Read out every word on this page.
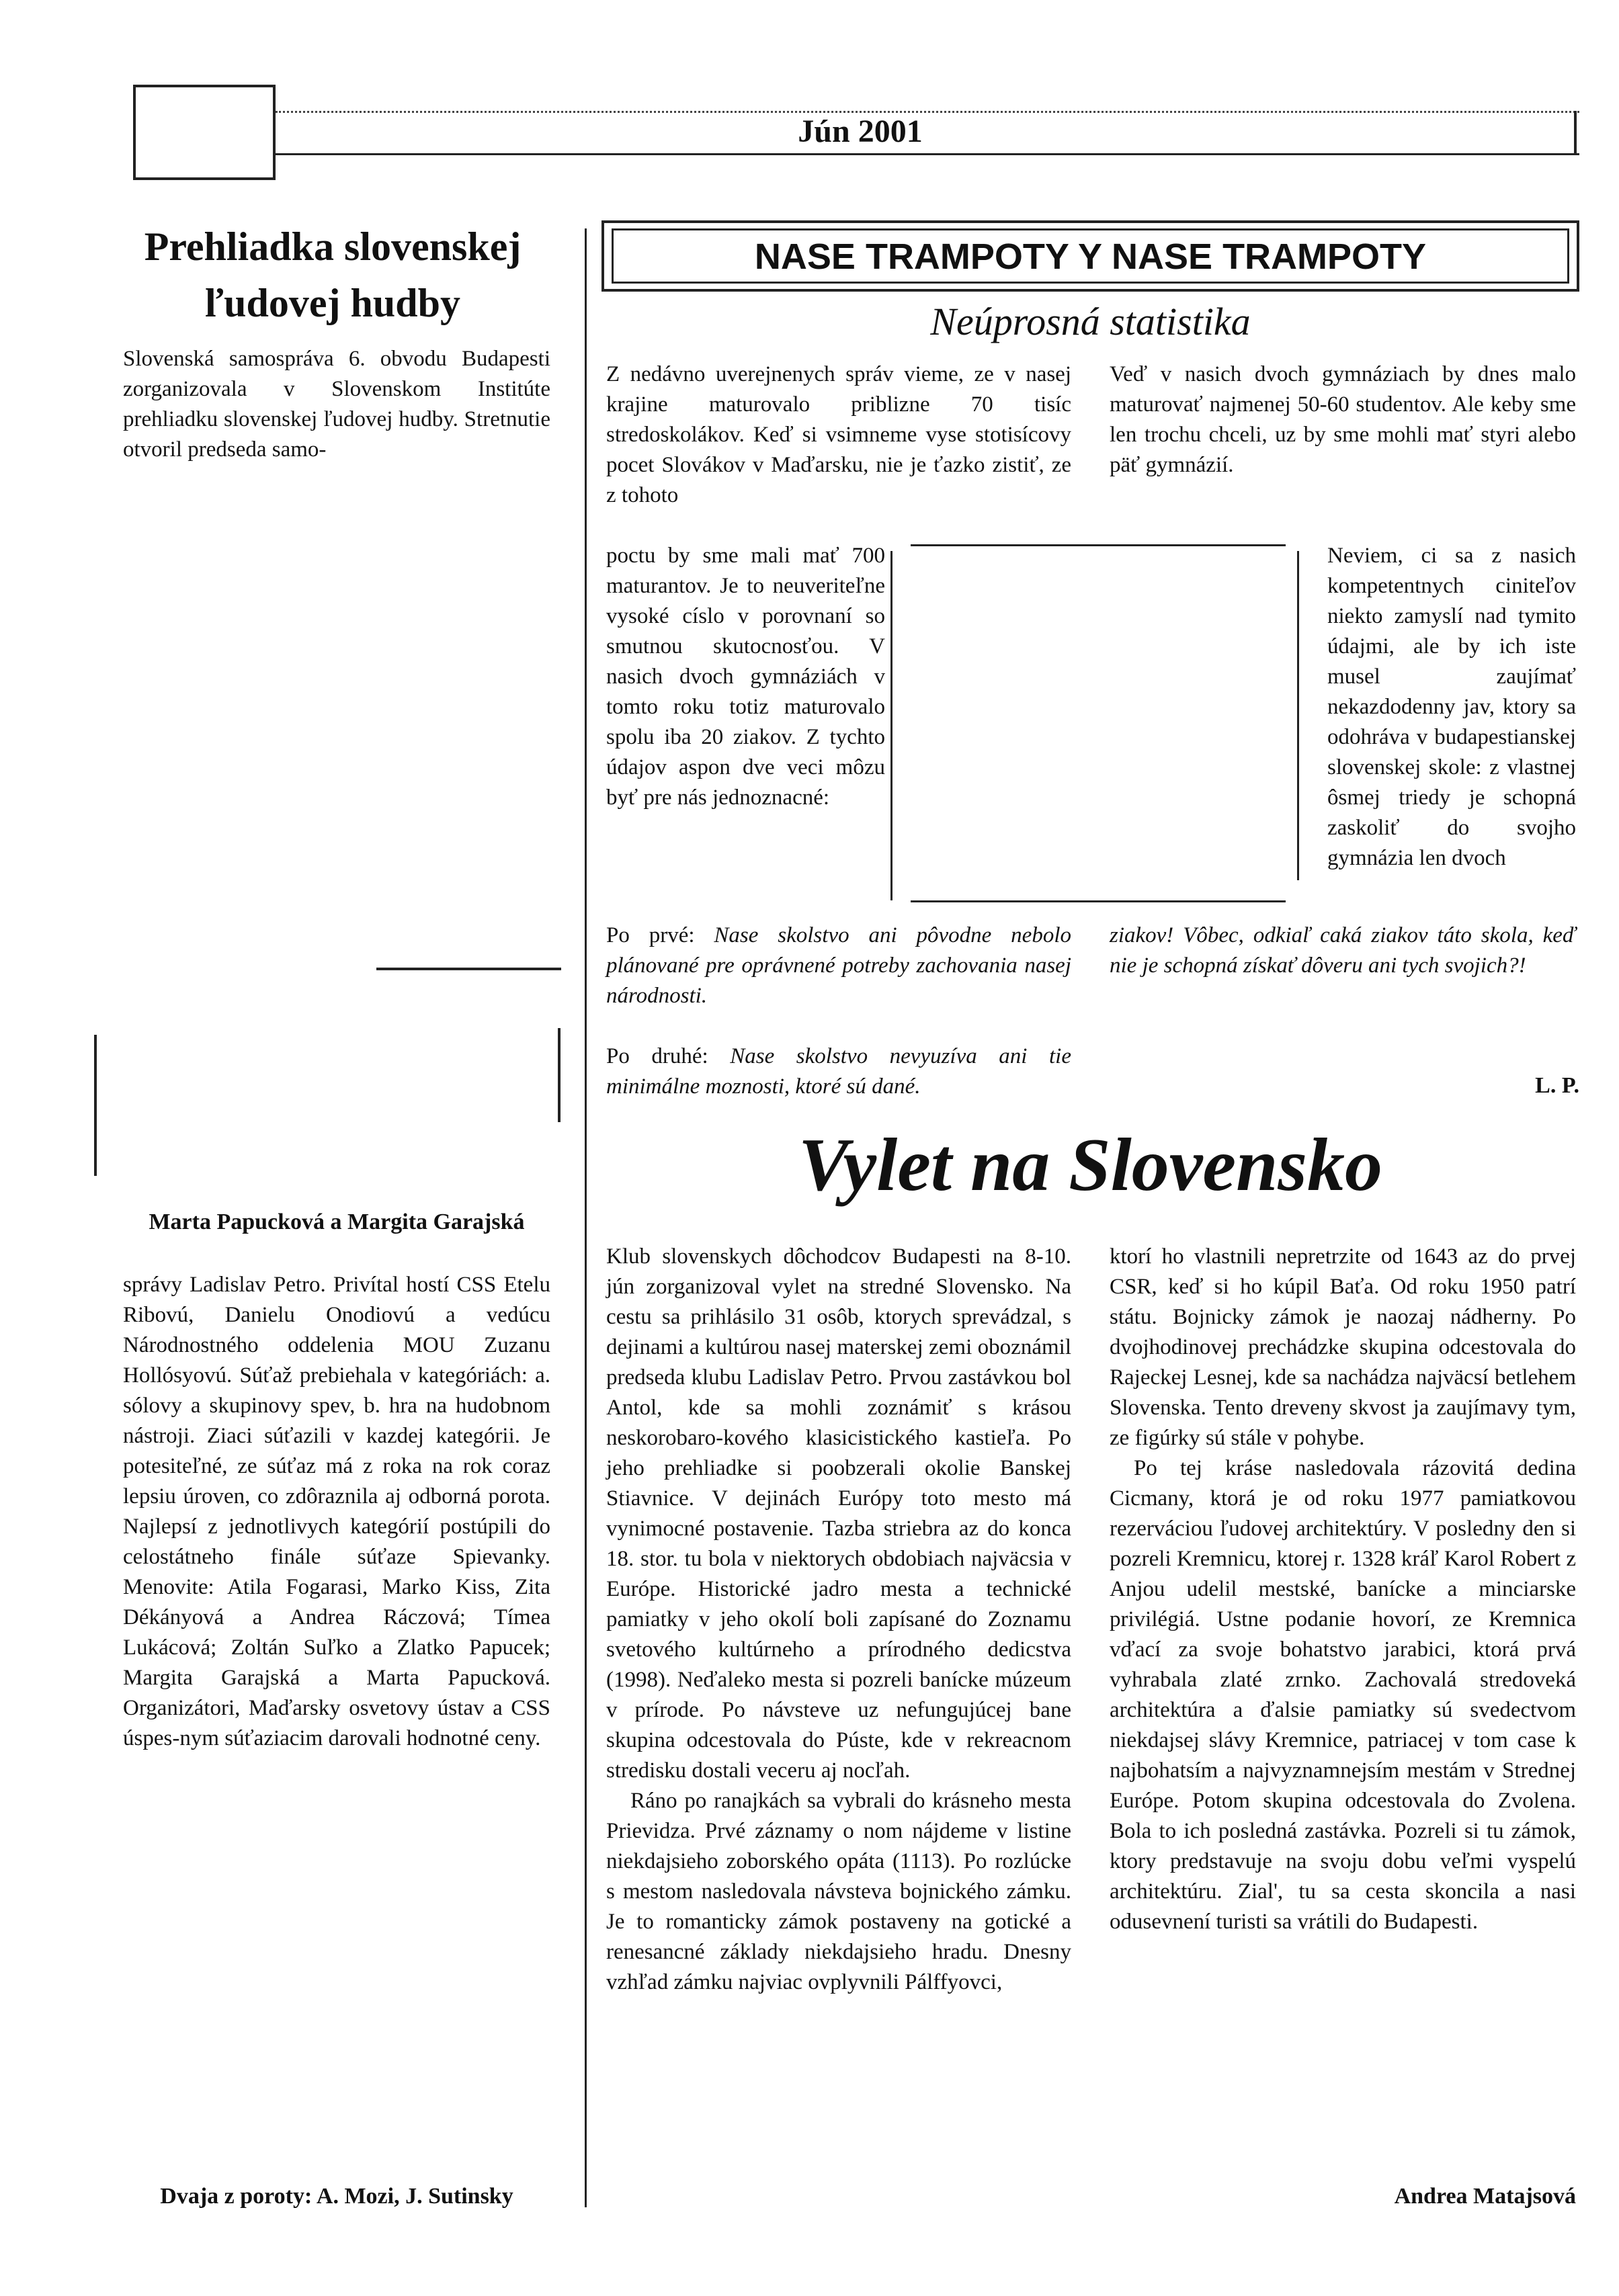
Jún 2001
Prehliadka slovenskej ľudovej hudby
Slovenská samospráva 6. obvodu Budapesti zorganizovala v Slovenskom Institúte prehliadku slovenskej ľudovej hudby. Stretnutie otvoril predseda samo-
Marta Papucková a Margita Garajská
správy Ladislav Petro. Privítal hostí CSS Etelu Ribovú, Danielu Onodiovú a vedúcu Národnostného oddelenia MOU Zuzanu Hollósyovú. Súťaž prebiehala v kategóriách: a. sólovy a skupinovy spev, b. hra na hudobnom nástroji. Ziaci súťazili v kazdej kategórii. Je potesiteľné, ze súťaz má z roka na rok coraz lepsiu úroven, co zdôraznila aj odborná porota. Najlepsí z jednotlivych kategórií postúpili do celostátneho finále súťaze Spievanky. Menovite: Atila Fogarasi, Marko Kiss, Zita Dékányová a Andrea Ráczová; Tímea Lukácová; Zoltán Suľko a Zlatko Papucek; Margita Garajská a Marta Papucková. Organizátori, Maďarsky osvetovy ústav a CSS úspes-nym súťaziacim darovali hodnotné ceny.
Dvaja z poroty: A. Mozi, J. Sutinsky
NASE TRAMPOTY Y NASE TRAMPOTY
Neúprosná statistika
Z nedávno uverejnenych správ vieme, ze v nasej krajine maturovalo priblizne 70 tisíc stredoskolákov. Keď si vsimneme vyse stotisícovy pocet Slovákov v Maďarsku, nie je ťazko zistiť, ze z tohoto
Veď v nasich dvoch gymnáziach by dnes malo maturovať najmenej 50-60 studentov. Ale keby sme len trochu chceli, uz by sme mohli mať styri alebo päť gymnázií.
poctu by sme mali mať 700 maturantov. Je to neuveriteľne vysoké císlo v porovnaní so smutnou skutocnosťou. V nasich dvoch gymnáziách v tomto roku totiz maturovalo spolu iba 20 ziakov. Z tychto údajov aspon dve veci môzu byť pre nás jednoznacné:
Neviem, ci sa z nasich kompetentnych ciniteľov niekto zamyslí nad tymito údajmi, ale by ich iste musel zaujímať nekazdodenny jav, ktory sa odohráva v budapestianskej slovenskej skole: z vlastnej ôsmej triedy je schopná zaskoliť do svojho gymnázia len dvoch
Po prvé: Nase skolstvo ani pôvodne nebolo plánované pre oprávnené potreby zachovania nasej národnosti.
ziakov! Vôbec, odkiaľ caká ziakov táto skola, keď nie je schopná získať dôveru ani tych svojich?!
Po druhé: Nase skolstvo nevyuzíva ani tie minimálne moznosti, ktoré sú dané.	L. P.
Vylet na Slovensko
Klub slovenskych dôchodcov Budapesti na 8-10. jún zorganizoval vylet na stredné Slovensko. Na cestu sa prihlásilo 31 osôb, ktorych sprevádzal, s dejinami a kultúrou nasej materskej zemi oboznámil predseda klubu Ladislav Petro. Prvou zastávkou bol Antol, kde sa mohli zoznámiť s krásou neskorobaro-kového klasicistického kastieľa. Po jeho prehliadke si poobzerali okolie Banskej Stiavnice. V dejinách Európy toto mesto má vynimocné postavenie. Tazba striebra az do konca 18. stor. tu bola v niektorych obdobiach najväcsia v Európe. Historické jadro mesta a technické pamiatky v jeho okolí boli zapísané do Zoznamu svetového kultúrneho a prírodného dedicstva (1998). Neďaleko mesta si pozreli banícke múzeum v prírode. Po návsteve uz nefungujúcej bane skupina odcestovala do Púste, kde v rekreacnom stredisku dostali veceru aj nocľah.
Ráno po ranajkách sa vybrali do krásneho mesta Prievidza. Prvé záznamy o nom nájdeme v listine niekdajsieho zoborského opáta (1113). Po rozlúcke s mestom nasledovala návsteva bojnického zámku. Je to romanticky zámok postaveny na gotické a renesancné základy niekdajsieho hradu. Dnesny vzhľad zámku najviac ovplyvnili Pálffyovci,
ktorí ho vlastnili nepretrzite od 1643 az do prvej CSR, keď si ho kúpil Baťa. Od roku 1950 patrí státu. Bojnicky zámok je naozaj nádherny. Po dvojhodinovej prechádzke skupina odcestovala do Rajeckej Lesnej, kde sa nachádza najväcsí betlehem Slovenska. Tento dreveny skvost ja zaujímavy tym, ze figúrky sú stále v pohybe.
Po tej kráse nasledovala rázovitá dedina Cicmany, ktorá je od roku 1977 pamiatkovou rezerváciou ľudovej architektúry. V posledny den si pozreli Kremnicu, ktorej r. 1328 kráľ Karol Robert z Anjou udelil mestské, banícke a minciarske privilégiá. Ustne podanie hovorí, ze Kremnica vďací za svoje bohatstvo jarabici, ktorá prvá vyhrabala zlaté zrnko. Zachovalá stredoveká architektúra a ďalsie pamiatky sú svedectvom niekdajsej slávy Kremnice, patriacej v tom case k najbohatsím a najvyznamnejsím mestám v Strednej Európe. Potom skupina odcestovala do Zvolena. Bola to ich posledná zastávka. Pozreli si tu zámok, ktory predstavuje na svoju dobu veľmi vyspelú architektúru. Zial', tu sa cesta skoncila a nasi odusevnení turisti sa vrátili do Budapesti.
Andrea Matajsová
